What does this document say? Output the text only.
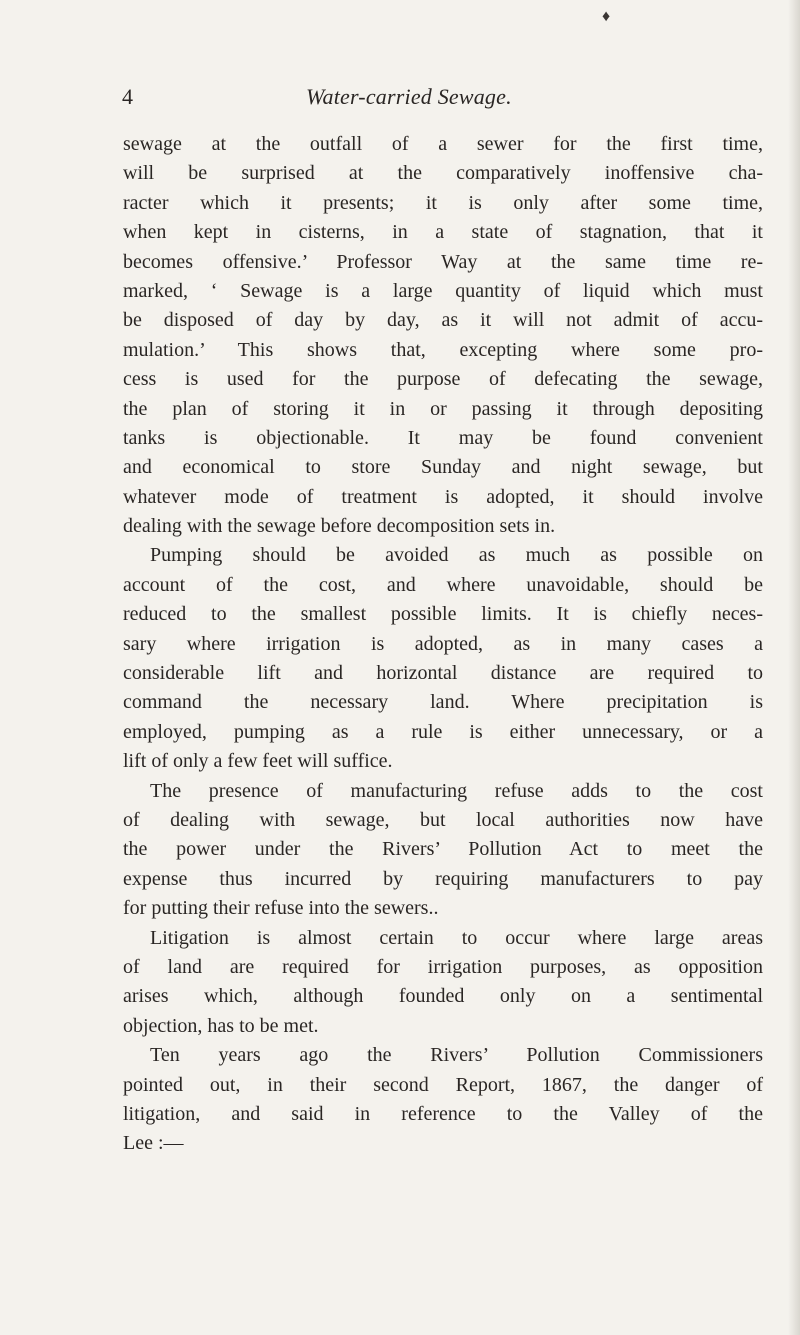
♦
4	Water-carried Sewage.
sewage at the outfall of a sewer for the first time,
will be surprised at the comparatively inoffensive cha-
racter which it presents; it is only after some time,
when kept in cisterns, in a state of stagnation, that it
becomes offensive.’ Professor Way at the same time re-
marked, ‘ Sewage is a large quantity of liquid which must
be disposed of day by day, as it will not admit of accu-
mulation.’ This shows that, excepting where some pro-
cess is used for the purpose of defecating the sewage,
the plan of storing it in or passing it through depositing
tanks is objectionable. It may be found convenient
and economical to store Sunday and night sewage, but
whatever mode of treatment is adopted, it should involve
dealing with the sewage before decomposition sets in.
Pumping should be avoided as much as possible on
account of the cost, and where unavoidable, should be
reduced to the smallest possible limits. It is chiefly neces-
sary where irrigation is adopted, as in many cases a
considerable lift and horizontal distance are required to
command the necessary land. Where precipitation is
employed, pumping as a rule is either unnecessary, or a
lift of only a few feet will suffice.
The presence of manufacturing refuse adds to the cost
of dealing with sewage, but local authorities now have
the power under the Rivers’ Pollution Act to meet the
expense thus incurred by requiring manufacturers to pay
for putting their refuse into the sewers..
Litigation is almost certain to occur where large areas
of land are required for irrigation purposes, as opposition
arises which, although founded only on a sentimental
objection, has to be met.
Ten years ago the Rivers’ Pollution Commissioners
pointed out, in their second Report, 1867, the danger of
litigation, and said in reference to the Valley of the
Lee :—
